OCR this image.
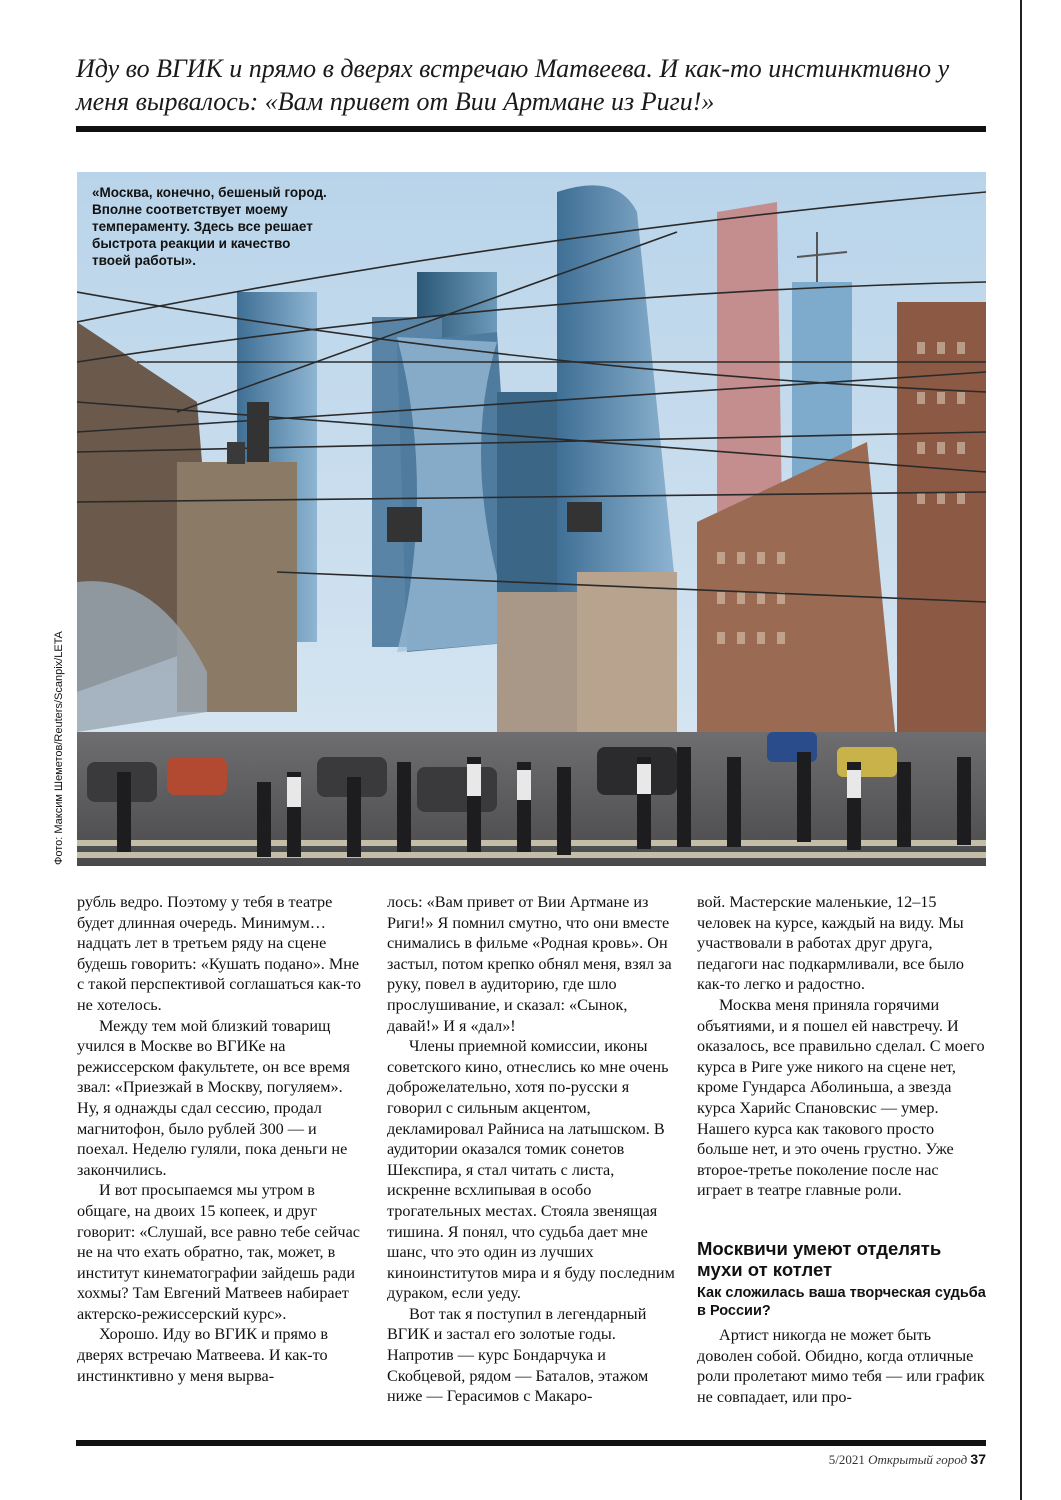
Иду во ВГИК и прямо в дверях встречаю Матвеева. И как-то инстинктивно у меня вырвалось: «Вам привет от Вии Артмане из Риги!»
«Москва, конечно, бешеный город. Вполне соответствует моему темпераменту. Здесь все решает быстрота реакции и качество твоей работы».
Фото: Максим Шеметов/Reuters/Scanpix/LETA

рубль ведро. Поэтому у тебя в театре будет длинная очередь. Минимум… надцать лет в третьем ряду на сцене будешь говорить: «Кушать подано». Мне с такой перспективой соглашаться как-то не хотелось.

Между тем мой близкий товарищ учился в Москве во ВГИКе на режиссерском факультете, он все время звал: «Приезжай в Москву, погуляем». Ну, я однажды сдал сессию, продал магнитофон, было рублей 300 — и поехал. Неделю гуляли, пока деньги не закончились.

И вот просыпаемся мы утром в общаге, на двоих 15 копеек, и друг говорит: «Слушай, все равно тебе сейчас не на что ехать обратно, так, может, в институт кинематографии зайдешь ради хохмы? Там Евгений Матвеев набирает актерско-режиссерский курс».

Хорошо. Иду во ВГИК и прямо в дверях встречаю Матвеева. И как-то инстинктивно у меня вырва-

лось: «Вам привет от Вии Артмане из Риги!» Я помнил смутно, что они вместе снимались в фильме «Родная кровь». Он застыл, потом крепко обнял меня, взял за руку, повел в аудиторию, где шло прослушивание, и сказал: «Сынок, давай!» И я «дал»!

Члены приемной комиссии, иконы советского кино, отнеслись ко мне очень доброжелательно, хотя по-русски я говорил с сильным акцентом, декламировал Райниса на латышском. В аудитории оказался томик сонетов Шекспира, я стал читать с листа, искренне всхлипывая в особо трогательных местах. Стояла звенящая тишина. Я понял, что судьба дает мне шанс, что это один из лучших киноинститутов мира и я буду последним дураком, если уеду.

Вот так я поступил в легендарный ВГИК и застал его золотые годы. Напротив — курс Бондарчука и Скобцевой, рядом — Баталов, этажом ниже — Герасимов с Макаро-

вой. Мастерские маленькие, 12–15 человек на курсе, каждый на виду. Мы участвовали в работах друг друга, педагоги нас подкармливали, все было как-то легко и радостно.

Москва меня приняла горячими объятиями, и я пошел ей навстречу. И оказалось, все правильно сделал. С моего курса в Риге уже никого на сцене нет, кроме Гундарса Аболиньша, а звезда курса Харийс Спановскис — умер. Нашего курса как такового просто больше нет, и это очень грустно. Уже второе-третье поколение после нас играет в театре главные роли.

Москвичи умеют отделять мухи от котлет
Как сложилась ваша творческая судьба в России?

Артист никогда не может быть доволен собой. Обидно, когда отличные роли пролетают мимо тебя — или график не совпадает, или про-

5/2021 Открытый город 37
